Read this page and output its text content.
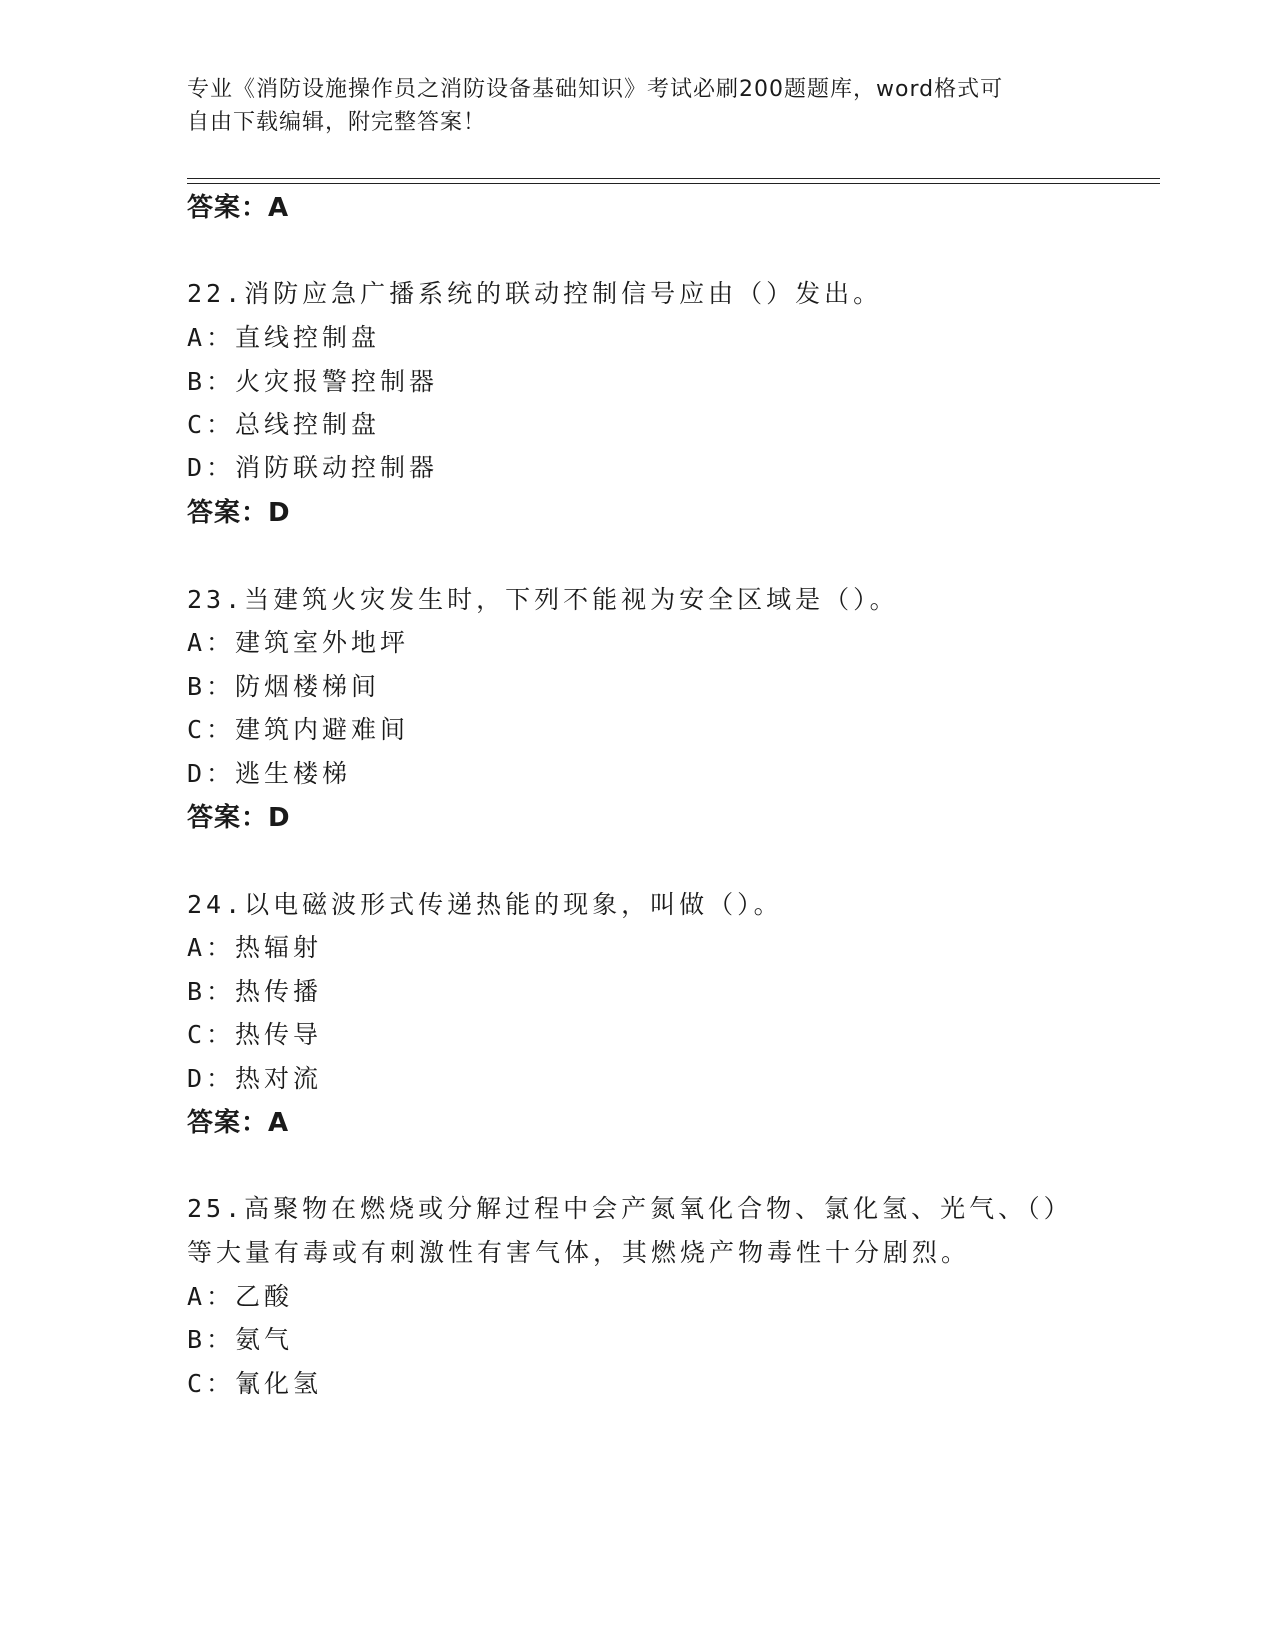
专业《消防设施操作员之消防设备基础知识》考试必刷200题题库，word格式可
自由下载编辑，附完整答案！
答案：A
22.消防应急广播系统的联动控制信号应由（）发出。
A：直线控制盘
B：火灾报警控制器
C：总线控制盘
D：消防联动控制器
答案：D
23.当建筑火灾发生时，下列不能视为安全区域是（）。
A：建筑室外地坪
B：防烟楼梯间
C：建筑内避难间
D：逃生楼梯
答案：D
24.以电磁波形式传递热能的现象，叫做（）。
A：热辐射
B：热传播
C：热传导
D：热对流
答案：A
25.高聚物在燃烧或分解过程中会产氮氧化合物、氯化氢、光气、（）
等大量有毒或有刺激性有害气体，其燃烧产物毒性十分剧烈。
A：乙酸
B：氨气
C：氰化氢
